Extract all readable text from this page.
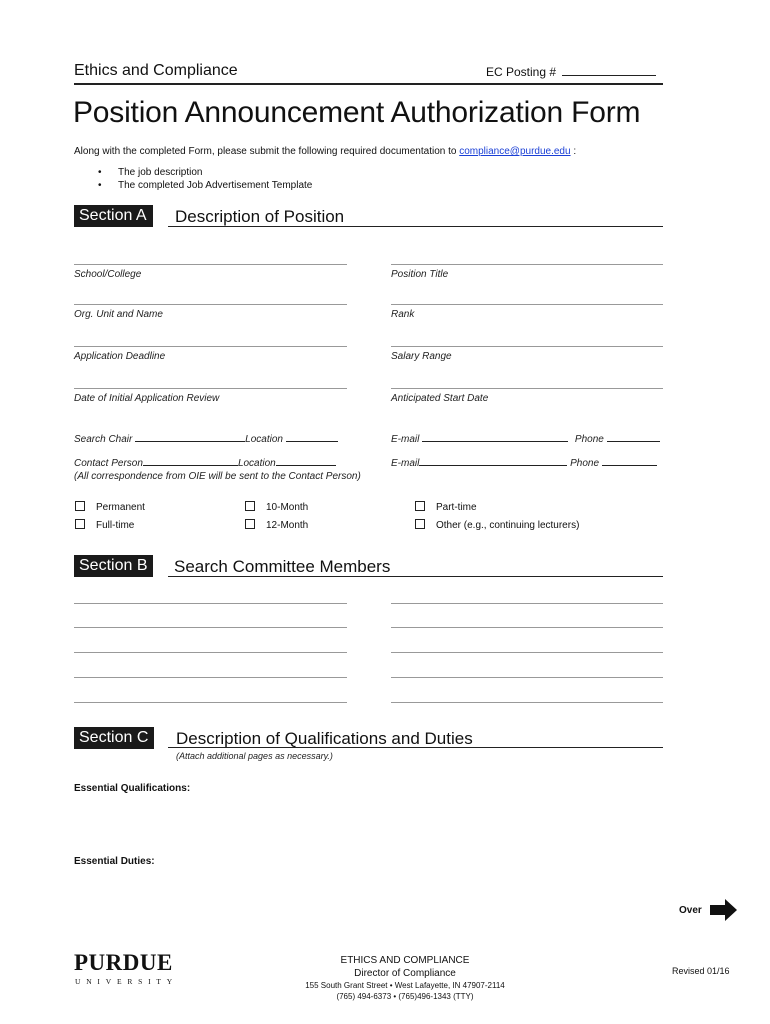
Ethics and Compliance	EC Posting #
Position Announcement Authorization Form
Along with the completed Form, please submit the following required documentation to compliance@purdue.edu :
• The job description
• The completed Job Advertisement Template
Section A	Description of Position
School/College	Position Title
Org. Unit and Name	Rank
Application Deadline	Salary Range
Date of Initial Application Review	Anticipated Start Date
Search Chair	Location	E-mail	Phone
Contact Person	Location	E-mail	Phone
(All correspondence from OIE will be sent to the Contact Person)
Permanent
Full-time
10-Month
12-Month
Part-time
Other (e.g., continuing lecturers)
Section B	Search Committee Members
Section C	Description of Qualifications and Duties
(Attach additional pages as necessary.)
Essential Qualifications:
Essential Duties:
Over
PURDUE
UNIVERSITY
ETHICS AND COMPLIANCE
Director of Compliance
155 South Grant Street • West Lafayette, IN 47907-2114
(765) 494-6373 • (765)496-1343 (TTY)
Revised 01/16
